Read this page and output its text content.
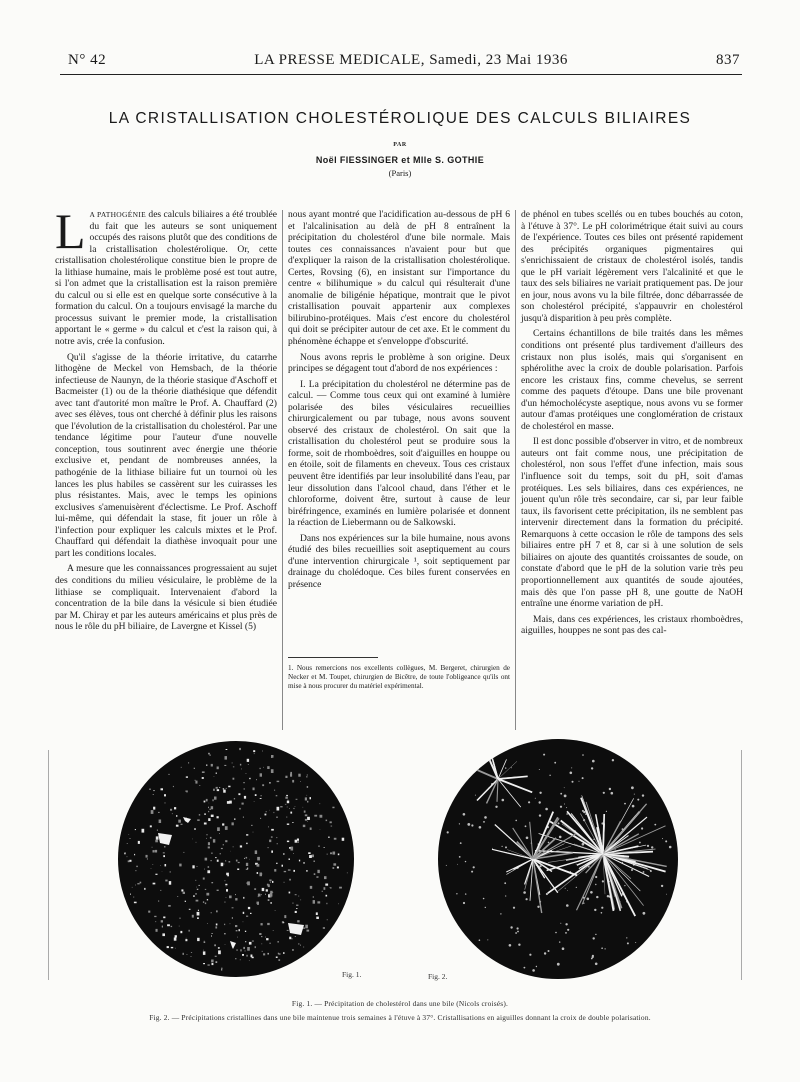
N° 42	LA PRESSE MEDICALE, Samedi, 23 Mai 1936	837
LA CRISTALLISATION CHOLESTÉROLIQUE DES CALCULS BILIAIRES
PAR
Noël FIESSINGER et Mlle S. GOTHIE
(Paris)

L A PATHOGÉNIE des calculs biliaires a été troublée du fait que les auteurs se sont uniquement occupés des raisons plutôt que des conditions de la cristallisation cholestérolique. Or, cette cristallisation cholestérolique constitue bien le propre de la lithiase humaine, mais le problème posé est tout autre, si l'on admet que la cristallisation est la raison première du calcul ou si elle est en quelque sorte consécutive à la formation du calcul. On a toujours envisagé la marche du processus suivant le premier mode, la cristallisation apportant le « germe » du calcul et c'est la raison qui, à notre avis, crée la confusion.

Qu'il s'agisse de la théorie irritative, du catarrhe lithogène de Meckel von Hemsbach, de la théorie infectieuse de Naunyn, de la théorie stasique d'Aschoff et Bacmeister (1) ou de la théorie diathésique que défendit avec tant d'autorité mon maître le Prof. A. Chauffard (2) avec ses élèves, tous ont cherché à définir plus les raisons que l'évolution de la cristallisation du cholestérol. Par une tendance légitime pour l'auteur d'une nouvelle conception, tous soutinrent avec énergie une théorie exclusive et, pendant de nombreuses années, la pathogénie de la lithiase biliaire fut un tournoi où les lances les plus habiles se cassèrent sur les cuirasses les plus résistantes. Mais, avec le temps les opinions exclusives s'amenuisèrent d'éclectisme. Le Prof. Aschoff lui-même, qui défendait la stase, fit jouer un rôle à l'infection pour expliquer les calculs mixtes et le Prof. Chauffard qui défendait la diathèse invoquait pour une part les conditions locales.

A mesure que les connaissances progressaient au sujet des conditions du milieu vésiculaire, le problème de la lithiase se compliquait. Intervenaient d'abord la concentration de la bile dans la vésicule si bien étudiée par M. Chiray et par les auteurs américains et plus près de nous le rôle du pH biliaire, de Lavergne et Kissel (5)

nous ayant montré que l'acidification au-dessous de pH 6 et l'alcalinisation au delà de pH 8 entraînent la précipitation du cholestérol d'une bile normale. Mais toutes ces connaissances n'avaient pour but que d'expliquer la raison de la cristallisation cholestérolique. Certes, Rovsing (6), en insistant sur l'importance du centre « bilihumique » du calcul qui résulterait d'une anomalie de biligénie hépatique, montrait que le pivot cristallisation pouvait appartenir aux complexes bilirubino-protéiques. Mais c'est encore du cholestérol qui doit se précipiter autour de cet axe. Et le comment du phénomène échappe et s'enveloppe d'obscurité.

Nous avons repris le problème à son origine. Deux principes se dégagent tout d'abord de nos expériences :

I. La précipitation du cholestérol ne détermine pas de calcul. — Comme tous ceux qui ont examiné à lumière polarisée des biles vésiculaires recueillies chirurgicalement ou par tubage, nous avons souvent observé des cristaux de cholestérol. On sait que la cristallisation du cholestérol peut se produire sous la forme, soit de rhomboèdres, soit d'aiguilles en houppe ou en étoile, soit de filaments en cheveux. Tous ces cristaux peuvent être identifiés par leur insolubilité dans l'eau, par leur dissolution dans l'alcool chaud, dans l'éther et le chloroforme, doivent être, surtout à cause de leur biréfringence, examinés en lumière polarisée et donnent la réaction de Liebermann ou de Salkowski.

Dans nos expériences sur la bile humaine, nous avons étudié des biles recueillies soit aseptiquement au cours d'une intervention chirurgicale ¹, soit septiquement par drainage du cholédoque. Ces biles furent conservées en présence

1. Nous remercions nos excellents collègues, M. Bergeret, chirurgien de Necker et M. Toupet, chirurgien de Bicêtre, de toute l'obligeance qu'ils ont mise à nous procurer du matériel expérimental.

de phénol en tubes scellés ou en tubes bouchés au coton, à l'étuve à 37°. Le pH colorimétrique était suivi au cours de l'expérience. Toutes ces biles ont présenté rapidement des précipités organiques pigmentaires qui s'enrichissaient de cristaux de cholestérol isolés, tandis que le pH variait légèrement vers l'alcalinité et que le taux des sels biliaires ne variait pratiquement pas. De jour en jour, nous avons vu la bile filtrée, donc débarrassée de son cholestérol précipité, s'appauvrir en cholestérol jusqu'à disparition à peu près complète.

Certains échantillons de bile traités dans les mêmes conditions ont présenté plus tardivement d'ailleurs des cristaux non plus isolés, mais qui s'organisent en sphérolithe avec la croix de double polarisation. Parfois encore les cristaux fins, comme chevelus, se serrent comme des paquets d'étoupe. Dans une bile provenant d'un hémocholécyste aseptique, nous avons vu se former autour d'amas protéiques une conglomération de cristaux de cholestérol en masse.

Il est donc possible d'observer in vitro, et de nombreux auteurs ont fait comme nous, une précipitation de cholestérol, non sous l'effet d'une infection, mais sous l'influence soit du temps, soit du pH, soit d'amas protéiques. Les sels biliaires, dans ces expériences, ne jouent qu'un rôle très secondaire, car si, par leur faible taux, ils favorisent cette précipitation, ils ne semblent pas intervenir directement dans la formation du précipité. Remarquons à cette occasion le rôle de tampons des sels biliaires entre pH 7 et 8, car si à une solution de sels biliaires on ajoute des quantités croissantes de soude, on constate d'abord que le pH de la solution varie très peu proportionnellement aux quantités de soude ajoutées, mais dès que l'on passe pH 8, une goutte de NaOH entraîne une énorme variation de pH.

Mais, dans ces expériences, les cristaux rhomboèdres, aiguilles, houppes ne sont pas des cal-

Fig. 1.	Fig. 2.
Fig. 1. — Précipitation de cholestérol dans une bile (Nicols croisés).
Fig. 2. — Précipitations cristallines dans une bile maintenue trois semaines à l'étuve à 37°. Cristallisations en aiguilles donnant la croix de double polarisation.
